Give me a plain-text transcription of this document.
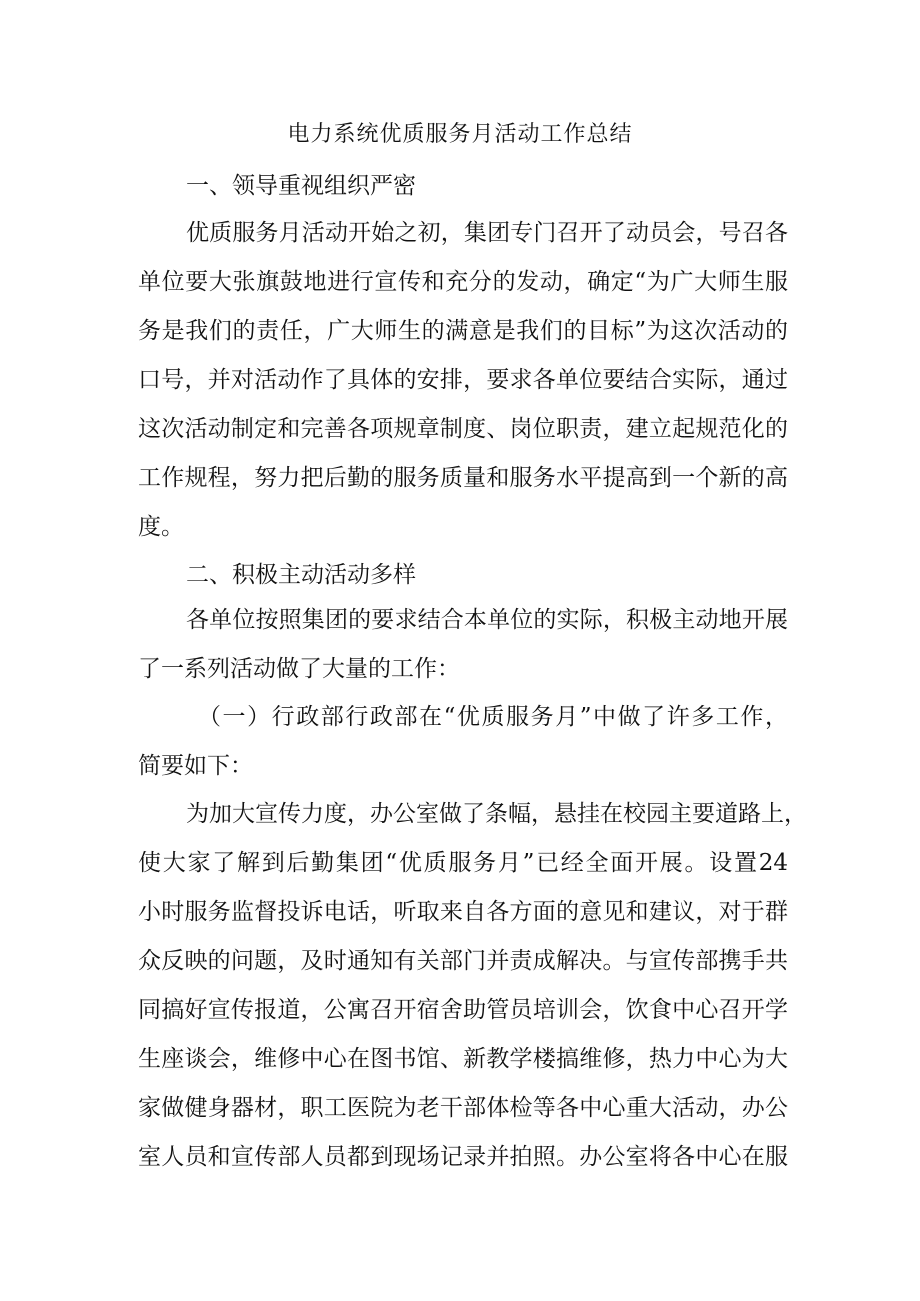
电力系统优质服务月活动工作总结
一、领导重视组织严密
优质服务月活动开始之初，集团专门召开了动员会，号召各
单位要大张旗鼓地进行宣传和充分的发动，确定“为广大师生服
务是我们的责任，广大师生的满意是我们的目标”为这次活动的
口号，并对活动作了具体的安排，要求各单位要结合实际，通过
这次活动制定和完善各项规章制度、岗位职责，建立起规范化的
工作规程，努力把后勤的服务质量和服务水平提高到一个新的高
度。
二、积极主动活动多样
各单位按照集团的要求结合本单位的实际，积极主动地开展
了一系列活动做了大量的工作：
（一）行政部行政部在“优质服务月”中做了许多工作，
简要如下：
为加大宣传力度，办公室做了条幅，悬挂在校园主要道路上，
使大家了解到后勤集团“优质服务月”已经全面开展。设置24
小时服务监督投诉电话，听取来自各方面的意见和建议，对于群
众反映的问题，及时通知有关部门并责成解决。与宣传部携手共
同搞好宣传报道，公寓召开宿舍助管员培训会，饮食中心召开学
生座谈会，维修中心在图书馆、新教学楼搞维修，热力中心为大
家做健身器材，职工医院为老干部体检等各中心重大活动，办公
室人员和宣传部人员都到现场记录并拍照。办公室将各中心在服
